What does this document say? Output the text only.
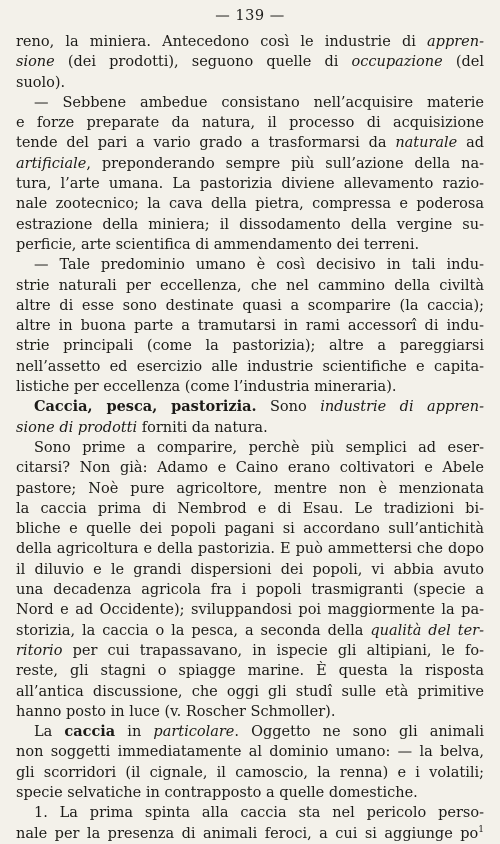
— 139 —
reno, la miniera. Antecedono così le industrie di appren-
sione (dei prodotti), seguono quelle di occupazione (del
suolo).
— Sebbene ambedue consistano nell’acquisire materie
e forze preparate da natura, il processo di acquisizione
tende del pari a vario grado a trasformarsi da naturale ad
artificiale, preponderando sempre più sull’azione della na-
tura, l’arte umana. La pastorizia diviene allevamento razio-
nale zootecnico; la cava della pietra, compressa e poderosa
estrazione della miniera; il dissodamento della vergine su-
perficie, arte scientifica di ammendamento dei terreni.
— Tale predominio umano è così decisivo in tali indu-
strie naturali per eccellenza, che nel cammino della civiltà
altre di esse sono destinate quasi a scomparire (la caccia);
altre in buona parte a tramutarsi in rami accessorî di indu-
strie principali (come la pastorizia); altre a pareggiarsi
nell’assetto ed esercizio alle industrie scientifiche e capita-
listiche per eccellenza (come l’industria mineraria).
Caccia, pesca, pastorizia. Sono industrie di appren-
sione di prodotti forniti da natura.
Sono prime a comparire, perchè più semplici ad eser-
citarsi? Non già: Adamo e Caino erano coltivatori e Abele
pastore; Noè pure agricoltore, mentre non è menzionata
la caccia prima di Nembrod e di Esau. Le tradizioni bi-
bliche e quelle dei popoli pagani si accordano sull’antichità
della agricoltura e della pastorizia. E può ammettersi che dopo
il diluvio e le grandi dispersioni dei popoli, vi abbia avuto
una decadenza agricola fra i popoli trasmigranti (specie a
Nord e ad Occidente); sviluppandosi poi maggiormente la pa-
storizia, la caccia o la pesca, a seconda della qualità del ter-
ritorio per cui trapassavano, in ispecie gli altipiani, le fo-
reste, gli stagni o spiagge marine. È questa la risposta
all’antica discussione, che oggi gli studî sulle età primitive
hanno posto in luce (v. Roscher Schmoller).
La caccia in particolare. Oggetto ne sono gli animali
non soggetti immediatamente al dominio umano: — la belva,
gli scorridori (il cignale, il camoscio, la renna) e i volatili;
specie selvatiche in contrapposto a quelle domestiche.
1. La prima spinta alla caccia sta nel pericolo perso-
nale per la presenza di animali feroci, a cui si aggiunge $po^1$
